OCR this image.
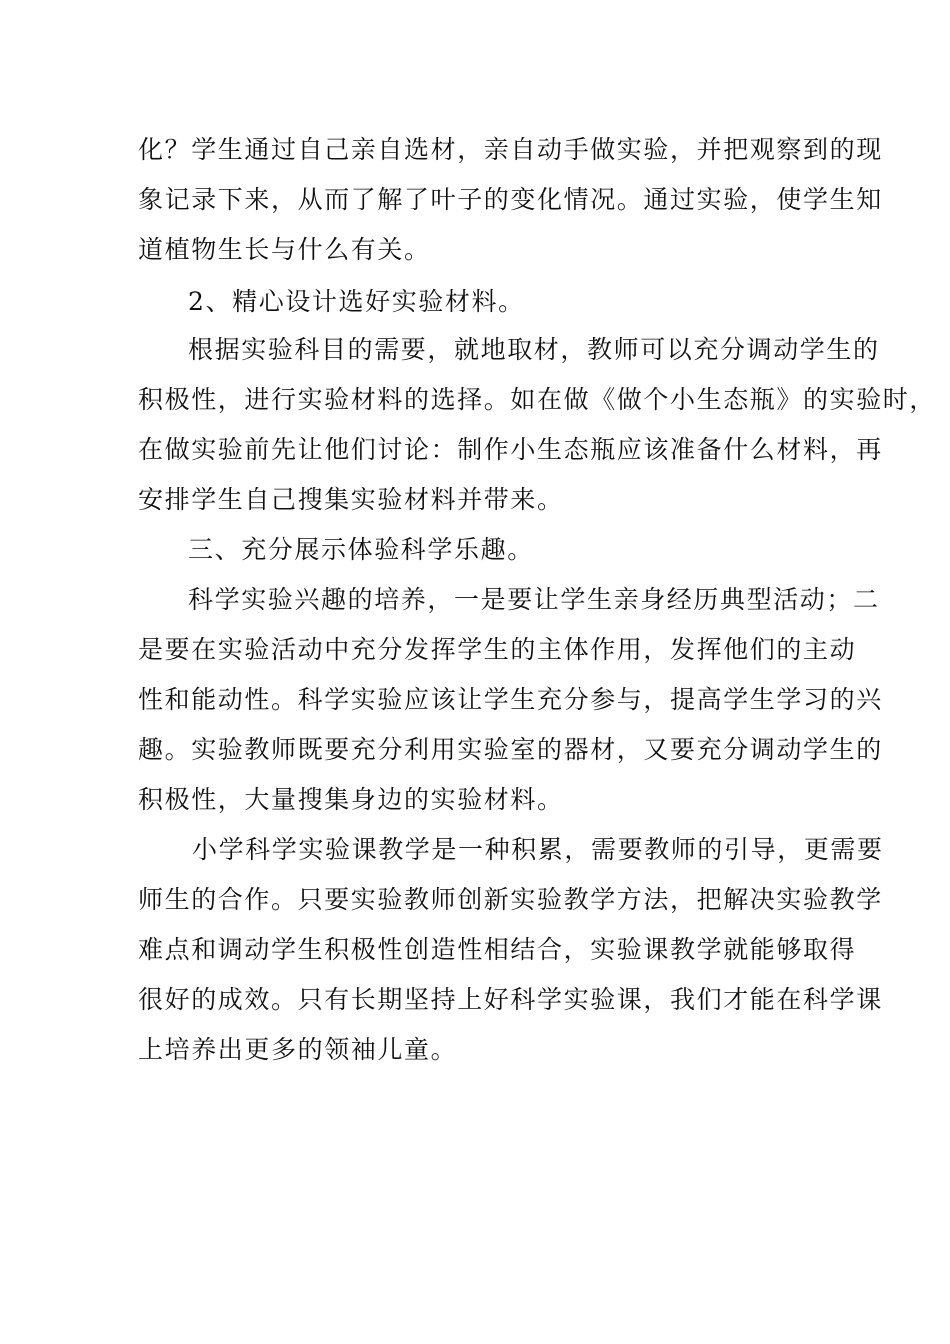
化？学生通过自己亲自选材，亲自动手做实验，并把观察到的现
象记录下来，从而了解了叶子的变化情况。通过实验，使学生知
道植物生长与什么有关。
2、精心设计选好实验材料。
根据实验科目的需要，就地取材，教师可以充分调动学生的
积极性，进行实验材料的选择。如在做《做个小生态瓶》的实验时，
在做实验前先让他们讨论：制作小生态瓶应该准备什么材料，再
安排学生自己搜集实验材料并带来。
三、充分展示体验科学乐趣。
科学实验兴趣的培养，一是要让学生亲身经历典型活动；二
是要在实验活动中充分发挥学生的主体作用，发挥他们的主动
性和能动性。科学实验应该让学生充分参与，提高学生学习的兴
趣。实验教师既要充分利用实验室的器材，又要充分调动学生的
积极性，大量搜集身边的实验材料。
小学科学实验课教学是一种积累，需要教师的引导，更需要
师生的合作。只要实验教师创新实验教学方法，把解决实验教学
难点和调动学生积极性创造性相结合，实验课教学就能够取得
很好的成效。只有长期坚持上好科学实验课，我们才能在科学课
上培养出更多的领袖儿童。
